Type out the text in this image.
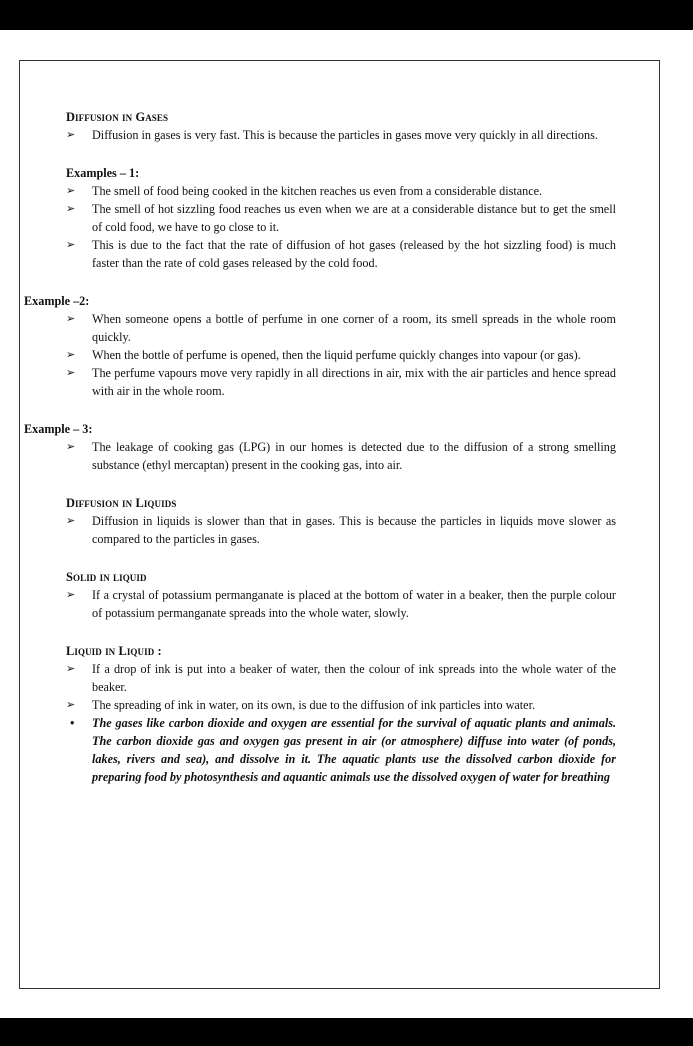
Diffusion in Gases

➢ Diffusion in gases is very fast. This is because the particles in gases move very quickly in all directions.

Examples – 1:

➢ The smell of food being cooked in the kitchen reaches us even from a considerable distance.
➢ The smell of hot sizzling food reaches us even when we are at a considerable distance but to get the smell of cold food, we have to go close to it.
➢ This is due to the fact that the rate of diffusion of hot gases (released by the hot sizzling food) is much faster than the rate of cold gases released by the cold food.

Example –2:

➢ When someone opens a bottle of perfume in one corner of a room, its smell spreads in the whole room quickly.
➢ When the bottle of perfume is opened, then the liquid perfume quickly changes into vapour (or gas).
➢ The perfume vapours move very rapidly in all directions in air, mix with the air particles and hence spread with air in the whole room.

Example – 3:

➢ The leakage of cooking gas (LPG) in our homes is detected due to the diffusion of a strong smelling substance (ethyl mercaptan) present in the cooking gas, into air.

Diffusion in Liquids

➢ Diffusion in liquids is slower than that in gases. This is because the particles in liquids move slower as compared to the particles in gases.

Solid in liquid

➢ If a crystal of potassium permanganate is placed at the bottom of water in a beaker, then the purple colour of potassium permanganate spreads into the whole water, slowly.

Liquid in Liquid :

➢ If a drop of ink is put into a beaker of water, then the colour of ink spreads into the whole water of the beaker.
➢ The spreading of ink in water, on its own, is due to the diffusion of ink particles into water.
• The gases like carbon dioxide and oxygen are essential for the survival of aquatic plants and animals. The carbon dioxide gas and oxygen gas present in air (or atmosphere) diffuse into water (of ponds, lakes, rivers and sea), and dissolve in it. The aquatic plants use the dissolved carbon dioxide for preparing food by photosynthesis and aquantic animals use the dissolved oxygen of water for breathing
